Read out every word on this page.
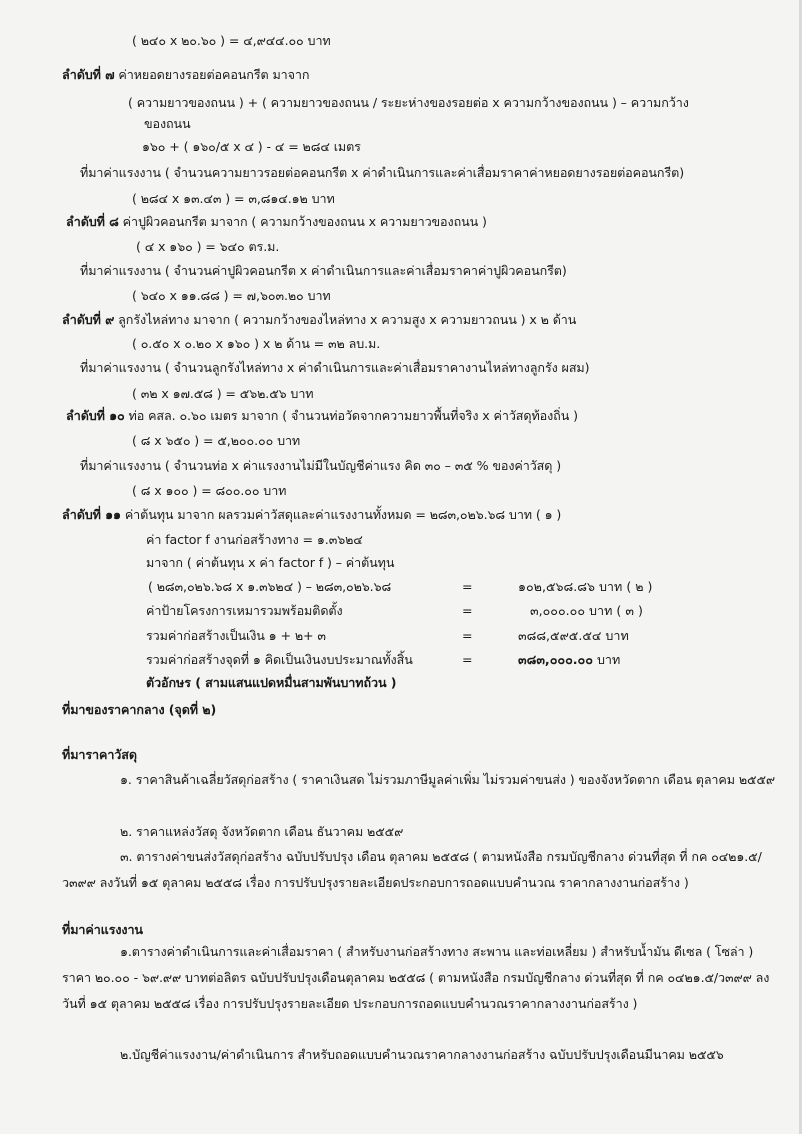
( ๒๔๐ x ๒๐.๖๐ ) = ๔,๙๔๔.๐๐ บาท
ลำดับที่ ๗ ค่าหยอดยางรอยต่อคอนกรีต มาจาก
( ความยาวของถนน ) + ( ความยาวของถนน / ระยะห่างของรอยต่อ x ความกว้างของถนน ) – ความกว้าง
ของถนน
๑๖๐ + ( ๑๖๐/๕ x ๔ ) - ๔ = ๒๘๔ เมตร
ที่มาค่าแรงงาน ( จำนวนความยาวรอยต่อคอนกรีต x ค่าดำเนินการและค่าเสื่อมราคาค่าหยอดยางรอยต่อคอนกรีต)
( ๒๘๔ x ๑๓.๔๓ ) = ๓,๘๑๔.๑๒ บาท
ลำดับที่ ๘ ค่าปูผิวคอนกรีต มาจาก ( ความกว้างของถนน x ความยาวของถนน )
( ๔ x ๑๖๐ ) = ๖๔๐ ตร.ม.
ที่มาค่าแรงงาน ( จำนวนค่าปูผิวคอนกรีต x ค่าดำเนินการและค่าเสื่อมราคาค่าปูผิวคอนกรีต)
( ๖๔๐ x ๑๑.๘๘ ) = ๗,๖๐๓.๒๐ บาท
ลำดับที่ ๙ ลูกรังไหล่ทาง มาจาก ( ความกว้างของไหล่ทาง x ความสูง x ความยาวถนน ) x ๒ ด้าน
( ๐.๕๐ x ๐.๒๐ x ๑๖๐ ) x ๒ ด้าน = ๓๒ ลบ.ม.
ที่มาค่าแรงงาน ( จำนวนลูกรังไหล่ทาง x ค่าดำเนินการและค่าเสื่อมราคางานไหล่ทางลูกรัง ผสม)
( ๓๒ x ๑๗.๕๘ ) = ๕๖๒.๕๖ บาท
ลำดับที่ ๑๐ ท่อ คสล. ๐.๖๐ เมตร มาจาก ( จำนวนท่อวัดจากความยาวพื้นที่จริง x ค่าวัสดุท้องถิ่น )
( ๘ x ๖๕๐ ) = ๕,๒๐๐.๐๐ บาท
ที่มาค่าแรงงาน ( จำนวนท่อ x ค่าแรงงานไม่มีในบัญชีค่าแรง คิด ๓๐ – ๓๕ % ของค่าวัสดุ )
( ๘ x ๑๐๐ ) = ๘๐๐.๐๐ บาท
ลำดับที่ ๑๑ ค่าต้นทุน มาจาก ผลรวมค่าวัสดุและค่าแรงงานทั้งหมด = ๒๘๓,๐๒๖.๖๘ บาท ( ๑ )
ค่า factor f งานก่อสร้างทาง = ๑.๓๖๒๔
มาจาก ( ค่าต้นทุน x ค่า factor f ) – ค่าต้นทุน
( ๒๘๓,๐๒๖.๖๘ x ๑.๓๖๒๔ ) – ๒๘๓,๐๒๖.๖๘	=	๑๐๒,๕๖๘.๘๖ บาท ( ๒ )
ค่าป้ายโครงการเหมารวมพร้อมติดตั้ง	=	๓,๐๐๐.๐๐ บาท ( ๓ )
รวมค่าก่อสร้างเป็นเงิน ๑ + ๒+ ๓	=	๓๘๘,๕๙๕.๕๔ บาท
รวมค่าก่อสร้างจุดที่ ๑ คิดเป็นเงินงบประมาณทั้งสิ้น	=	๓๘๓,๐๐๐.๐๐ บาท
ตัวอักษร ( สามแสนแปดหมื่นสามพันบาทถ้วน )
ที่มาของราคากลาง (จุดที่ ๒)
ที่มาราคาวัสดุ
๑. ราคาสินค้าเฉลี่ยวัสดุก่อสร้าง ( ราคาเงินสด ไม่รวมภาษีมูลค่าเพิ่ม ไม่รวมค่าขนส่ง ) ของจังหวัดตาก เดือน ตุลาคม ๒๕๕๙
๒. ราคาแหล่งวัสดุ จังหวัดตาก เดือน ธันวาคม ๒๕๕๙
๓. ตารางค่าขนส่งวัสดุก่อสร้าง ฉบับปรับปรุง เดือน ตุลาคม ๒๕๕๘ ( ตามหนังสือ กรมบัญชีกลาง ด่วนที่สุด ที่ กค ๐๔๒๑.๕/ว๓๙๙ ลงวันที่ ๑๕ ตุลาคม ๒๕๕๘ เรื่อง การปรับปรุงรายละเอียดประกอบการถอดแบบคำนวณ ราคากลางงานก่อสร้าง )
ที่มาค่าแรงงาน
๑.ตารางค่าดำเนินการและค่าเสื่อมราคา ( สำหรับงานก่อสร้างทาง สะพาน และท่อเหลี่ยม ) สำหรับน้ำมัน ดีเซล ( โซล่า ) ราคา ๒๐.๐๐ - ๖๙.๙๙ บาทต่อลิตร ฉบับปรับปรุงเดือนตุลาคม ๒๕๕๘ ( ตามหนังสือ กรมบัญชีกลาง ด่วนที่สุด ที่ กค ๐๔๒๑.๕/ว๓๙๙ ลงวันที่ ๑๕ ตุลาคม ๒๕๕๘ เรื่อง การปรับปรุงรายละเอียด ประกอบการถอดแบบคำนวณราคากลางงานก่อสร้าง )
๒.บัญชีค่าแรงงาน/ค่าดำเนินการ สำหรับถอดแบบคำนวณราคากลางงานก่อสร้าง ฉบับปรับปรุงเดือนมีนาคม ๒๕๕๖
